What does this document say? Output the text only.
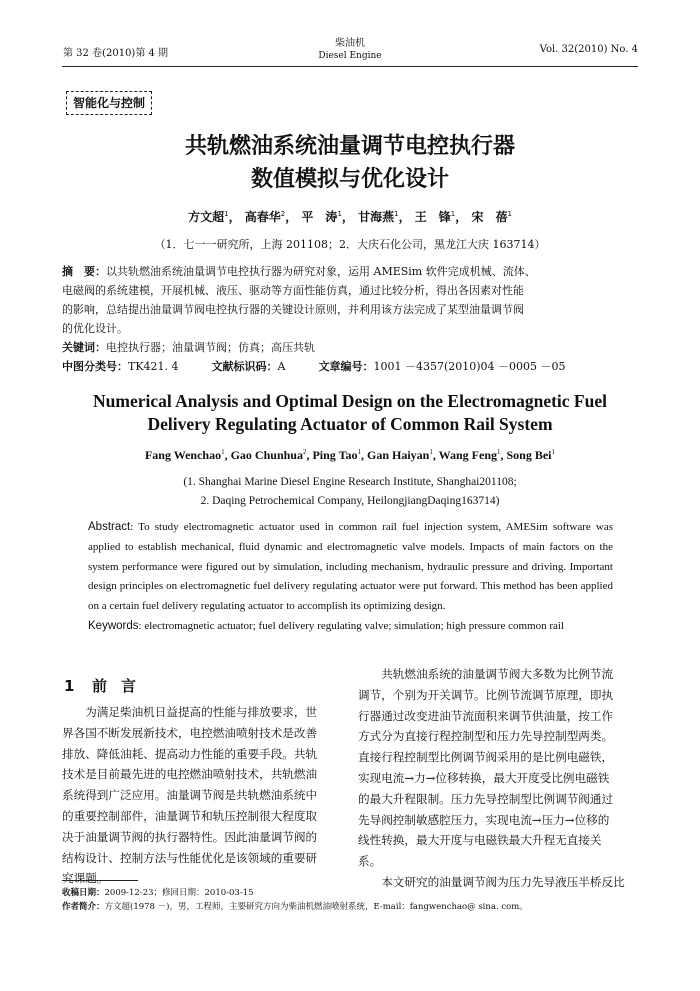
第 32 卷(2010)第 4 期
柴油机
Diesel Engine
Vol. 32(2010) No. 4
智能化与控制
共轨燃油系统油量调节电控执行器
数值模拟与优化设计
方文超$^1$， 高春华$^2$， 平　涛$^1$， 甘海燕$^1$， 王　锋$^1$， 宋　蓓$^1$
（1．七一一研究所，上海 201108；2．大庆石化公司，黑龙江大庆 163714）
摘　要：以共轨燃油系统油量调节电控执行器为研究对象，运用 AMESim 软件完成机械、流体、
电磁阀的系统建模，开展机械、液压、驱动等方面性能仿真，通过比较分析，得出各因素对性能
的影响，总结提出油量调节阀电控执行器的关键设计原则，并利用该方法完成了某型油量调节阀
的优化设计。
关键词：电控执行器；油量调节阀；仿真；高压共轨
中图分类号：TK421. 4	文献标识码：A	文章编号：1001 －4357(2010)04 －0005 －05
Numerical Analysis and Optimal Design on the Electromagnetic Fuel
Delivery Regulating Actuator of Common Rail System
Fang Wenchao$^1$, Gao Chunhua$^2$, Ping Tao$^1$, Gan Haiyan$^1$, Wang Feng$^1$, Song Bei$^1$
(1. Shanghai Marine Diesel Engine Research Institute, Shanghai201108;
2. Daqing Petrochemical Company, HeilongjiangDaqing163714)
Abstract: To study electromagnetic actuator used in common rail fuel injection system, AMESim software was applied to establish mechanical, fluid dynamic and electromagnetic valve models. Impacts of main factors on the system performance were figured out by simulation, including mechanism, hydraulic pressure and driving. Important design principles on electromagnetic fuel delivery regulating actuator were put forward. This method has been applied on a certain fuel delivery regulating actuator to accomplish its optimizing design.
Keywords: electromagnetic actuator; fuel delivery regulating valve; simulation; high pressure common rail
1 前言
　　为满足柴油机日益提高的性能与排放要求，世
界各国不断发展新技术，电控燃油喷射技术是改善
排放、降低油耗、提高动力性能的重要手段。共轨
技术是目前最先进的电控燃油喷射技术，共轨燃油
系统得到广泛应用。油量调节阀是共轨燃油系统中
的重要控制部件，油量调节和轨压控制很大程度取
决于油量调节阀的执行器特性。因此油量调节阀的
结构设计、控制方法与性能优化是该领域的重要研
究课题。
　　共轨燃油系统的油量调节阀大多数为比例节流
调节，个别为开关调节。比例节流调节原理，即执
行器通过改变进油节流面积来调节供油量，按工作
方式分为直接行程控制型和压力先导控制型两类。
直接行程控制型比例调节阀采用的是比例电磁铁，
实现电流→力→位移转换，最大开度受比例电磁铁
的最大升程限制。压力先导控制型比例调节阀通过
先导阀控制敏感腔压力，实现电流→压力→位移的
线性转换，最大开度与电磁铁最大升程无直接关
系。
　　本文研究的油量调节阀为压力先导液压半桥反比
收稿日期：2009-12-23；修回日期：2010-03-15
作者简介：方文超(1978 －)，男，工程师，主要研究方向为柴油机燃油喷射系统，E-mail：fangwenchao@ sina. com。
